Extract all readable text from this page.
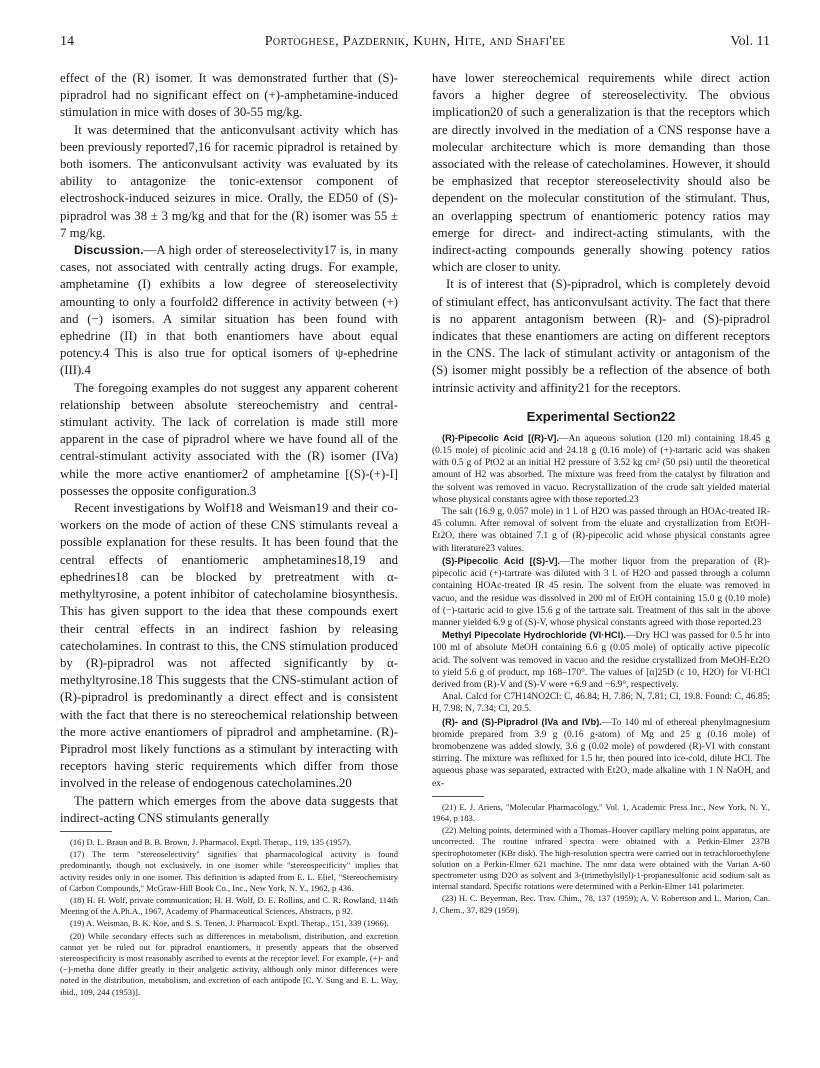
14	Portoghese, Pazdernik, Kuhn, Hite, and Shafi'ee	Vol. 11

effect of the (R) isomer. It was demonstrated further that (S)-pipradrol had no significant effect on (+)-amphetamine-induced stimulation in mice with doses of 30-55 mg/kg.

It was determined that the anticonvulsant activity which has been previously reported7,16 for racemic pipradrol is retained by both isomers. The anticonvulsant activity was evaluated by its ability to antagonize the tonic-extensor component of electroshock-induced seizures in mice. Orally, the ED50 of (S)-pipradrol was 38 ± 3 mg/kg and that for the (R) isomer was 55 ± 7 mg/kg.

Discussion.—A high order of stereoselectivity17 is, in many cases, not associated with centrally acting drugs. For example, amphetamine (I) exhibits a low degree of stereoselectivity amounting to only a fourfold2 difference in activity between (+) and (−) isomers. A similar situation has been found with ephedrine (II) in that both enantiomers have about equal potency.4 This is also true for optical isomers of ψ-ephedrine (III).4

The foregoing examples do not suggest any apparent coherent relationship between absolute stereochemistry and central-stimulant activity. The lack of correlation is made still more apparent in the case of pipradrol where we have found all of the central-stimulant activity associated with the (R) isomer (IVa) while the more active enantiomer2 of amphetamine [(S)-(+)-I] possesses the opposite configuration.3

Recent investigations by Wolf18 and Weisman19 and their co-workers on the mode of action of these CNS stimulants reveal a possible explanation for these results. It has been found that the central effects of enantiomeric amphetamines18,19 and ephedrines18 can be blocked by pretreatment with α-methyltyrosine, a potent inhibitor of catecholamine biosynthesis. This has given support to the idea that these compounds exert their central effects in an indirect fashion by releasing catecholamines. In contrast to this, the CNS stimulation produced by (R)-pipradrol was not affected significantly by α-methyltyrosine.18 This suggests that the CNS-stimulant action of (R)-pipradrol is predominantly a direct effect and is consistent with the fact that there is no stereochemical relationship between the more active enantiomers of pipradrol and amphetamine. (R)-Pipradrol most likely functions as a stimulant by interacting with receptors having steric requirements which differ from those involved in the release of endogenous catecholamines.20

The pattern which emerges from the above data suggests that indirect-acting CNS stimulants generally

(16) D. L. Braun and B. B. Brown, J. Pharmacol. Exptl. Therap., 119, 135 (1957).

(17) The term "stereoselectivity" signifies that pharmacological activity is found predominantly, though not exclusively, in one isomer while "stereospecificity" implies that activity resides only in one isomer. This definition is adapted from E. L. Eliel, "Stereochemistry of Carbon Compounds," McGraw-Hill Book Co., Inc., New York, N. Y., 1962, p 436.

(18) H. H. Wolf, private communication; H. H. Wolf, D. E. Rollins, and C. R. Rowland, 114th Meeting of the A.Ph.A., 1967, Academy of Pharmaceutical Sciences, Abstracts, p 92.

(19) A. Weisman, B. K. Koe, and S. S. Tenen, J. Pharmacol. Exptl. Therap., 151, 339 (1966).

(20) While secondary effects such as differences in metabolism, distribution, and excretion cannot yet be ruled out for pipradrol enantiomers, it presently appears that the observed stereospecificity is most reasonably ascribed to events at the receptor level. For example, (+)- and (−)-metha done differ greatly in their analgetic activity, although only minor differences were noted in the distribution, metabolism, and excretion of each antipode [C. Y. Sung and E. L. Way, ibid., 109, 244 (1953)].

have lower stereochemical requirements while direct action favors a higher degree of stereoselectivity. The obvious implication20 of such a generalization is that the receptors which are directly involved in the mediation of a CNS response have a molecular architecture which is more demanding than those associated with the release of catecholamines. However, it should be emphasized that receptor stereoselectivity should also be dependent on the molecular constitution of the stimulant. Thus, an overlapping spectrum of enantiomeric potency ratios may emerge for direct- and indirect-acting stimulants, with the indirect-acting compounds generally showing potency ratios which are closer to unity.

It is of interest that (S)-pipradrol, which is completely devoid of stimulant effect, has anticonvulsant activity. The fact that there is no apparent antagonism between (R)- and (S)-pipradrol indicates that these enantiomers are acting on different receptors in the CNS. The lack of stimulant activity or antagonism of the (S) isomer might possibly be a reflection of the absence of both intrinsic activity and affinity21 for the receptors.

Experimental Section22

(R)-Pipecolic Acid [(R)-V].—An aqueous solution (120 ml) containing 18.45 g (0.15 mole) of picolinic acid and 24.18 g (0.16 mole) of (+)-tartaric acid was shaken with 0.5 g of PtO2 at an initial H2 pressure of 3.52 kg cm² (50 psi) until the theoretical amount of H2 was absorbed. The mixture was freed from the catalyst by filtration and the solvent was removed in vacuo. Recrystallization of the crude salt yielded material whose physical constants agree with those reported.23

The salt (16.9 g, 0.057 mole) in 1 l. of H2O was passed through an HOAc-treated IR-45 column. After removal of solvent from the eluate and crystallization from EtOH-Et2O, there was obtained 7.1 g of (R)-pipecolic acid whose physical constants agree with literature23 values.

(S)-Pipecolic Acid [(S)-V].—The mother liquor from the preparation of (R)-pipecolic acid (+)-tartrate was diluted with 3 l. of H2O and passed through a column containing HOAc-treated IR 45 resin. The solvent from the eluate was removed in vacuo, and the residue was dissolved in 200 ml of EtOH containing 15.0 g (0.10 mole) of (−)-tartaric acid to give 15.6 g of the tartrate salt. Treatment of this salt in the above manner yielded 6.9 g of (S)-V, whose physical constants agreed with those reported.23

Methyl Pipecolate Hydrochloride (VI·HCl).—Dry HCl was passed for 0.5 hr into 100 ml of absolute MeOH containing 6.6 g (0.05 mole) of optically active pipecolic acid. The solvent was removed in vacuo and the residue crystallized from MeOH-Et2O to yield 5.6 g of product, mp 168–170°. The values of [α]25D (c 10, H2O) for VI·HCl derived from (R)-V and (S)-V were +6.9 and −6.9°, respectively.

Anal. Calcd for C7H14NO2Cl: C, 46.84; H, 7.86; N, 7.81; Cl, 19.8. Found: C, 46.85; H, 7.98; N, 7.34; Cl, 20.5.

(R)- and (S)-Pipradrol (IVa and IVb).—To 140 ml of ethereal phenylmagnesium bromide prepared from 3.9 g (0.16 g-atom) of Mg and 25 g (0.16 mole) of bromobenzene was added slowly, 3.6 g (0.02 mole) of powdered (R)-VI with constant stirring. The mixture was refluxed for 1.5 hr, then poured into ice-cold, dilute HCl. The aqueous phase was separated, extracted with Et2O, made alkaline with 1 N NaOH, and ex-

(21) E. J. Ariens, "Molecular Pharmacology," Vol. 1, Academic Press Inc., New York, N. Y., 1964, p 183.

(22) Melting points, determined with a Thomas–Hoover capillary melting point apparatus, are uncorrected. The routine infrared spectra were obtained with a Perkin-Elmer 237B spectrophotometer (KBr disk). The high-resolution spectra were carried out in tetrachloroethylene solution on a Perkin-Elmer 621 machine. The nmr data were obtained with the Varian A-60 spectrometer using D2O as solvent and 3-(trimethylsilyl)-1-propanesulfonic acid sodium salt as internal standard. Specific rotations were determined with a Perkin-Elmer 141 polarimeter.

(23) H. C. Beyerman, Rec. Trav. Chim., 78, 137 (1959); A. V. Robertson and L. Marion, Can. J. Chem., 37, 829 (1959).
